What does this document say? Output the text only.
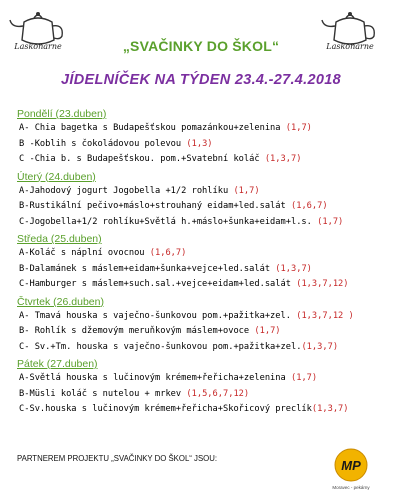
Laskonarne	Laskonarne
„SVAČINKY DO ŠKOL“
JÍDELNÍČEK NA TÝDEN 23.4.-27.4.2018
Pondělí (23.duben)
A- Chia bagetka s Budapešťskou pomazánkou+zelenina (1,7)
B -Koblih s čokoládovou polevou (1,3)
C -Chia b. s Budapešťskou. pom.+Svatební koláč (1,3,7)
Úterý (24.duben)
A-Jahodový jogurt Jogobella +1/2 rohlíku (1,7)
B-Rustikální pečivo+máslo+strouhaný eidam+led.salát (1,6,7)
C-Jogobella+1/2 rohlíku+Světlá h.+máslo+šunka+eidam+l.s. (1,7)
Středa (25.duben)
A-Koláč s náplní ovocnou (1,6,7)
B-Dalamánek s máslem+eidam+šunka+vejce+led.salát (1,3,7)
C-Hamburger s máslem+such.sal.+vejce+eidam+led.salát (1,3,7,12)
Čtvrtek (26.duben)
A- Tmavá houska s vaječno-šunkovou pom.+pažitka+zel. (1,3,7,12 )
B- Rohlík s džemovým meruňkovým máslem+ovoce (1,7)
C- Sv.+Tm. houska s vaječno-šunkovou pom.+pažitka+zel.(1,3,7)
Pátek (27.duben)
A-Světlá houska s lučinovým krémem+řeřicha+zelenina (1,7)
B-Müsli koláč s nutelou + mrkev (1,5,6,7,12)
C-Sv.houska s lučinovým krémem+řeřicha+Skořicový preclík(1,3,7)
PARTNEREM PROJEKTU „SVAČINKY DO ŠKOL“ JSOU:	MP
Moravec - pekárny
